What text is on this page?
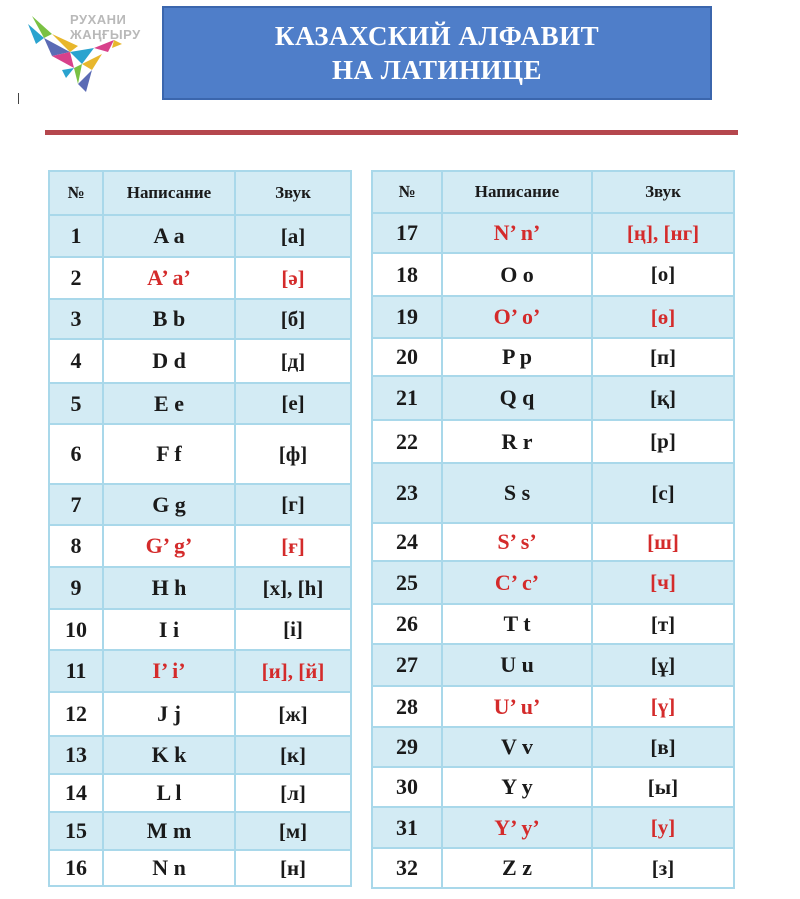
РУХАНИ
ЖАҢҒЫРУ	КАЗАХСКИЙ АЛФАВИТ
НА ЛАТИНИЦЕ
№	Написание	Звук
1	A a	[а]
2	A’ a’	[ә]
3	B b	[б]
4	D d	[д]
5	E e	[е]
6	F f	[ф]
7	G g	[г]
8	G’ g’	[ғ]
9	H h	[х], [h]
10	I i	[і]
11	I’ i’	[и], [й]
12	J j	[ж]
13	K k	[к]
14	L l	[л]
15	M m	[м]
16	N n	[н]
№	Написание	Звук
17	N’ n’	[ң], [нг]
18	O o	[о]
19	O’ o’	[ө]
20	P p	[п]
21	Q q	[қ]
22	R r	[р]
23	S s	[с]
24	S’ s’	[ш]
25	C’ c’	[ч]
26	T t	[т]
27	U u	[ұ]
28	U’ u’	[ү]
29	V v	[в]
30	Y y	[ы]
31	Y’ y’	[у]
32	Z z	[з]
